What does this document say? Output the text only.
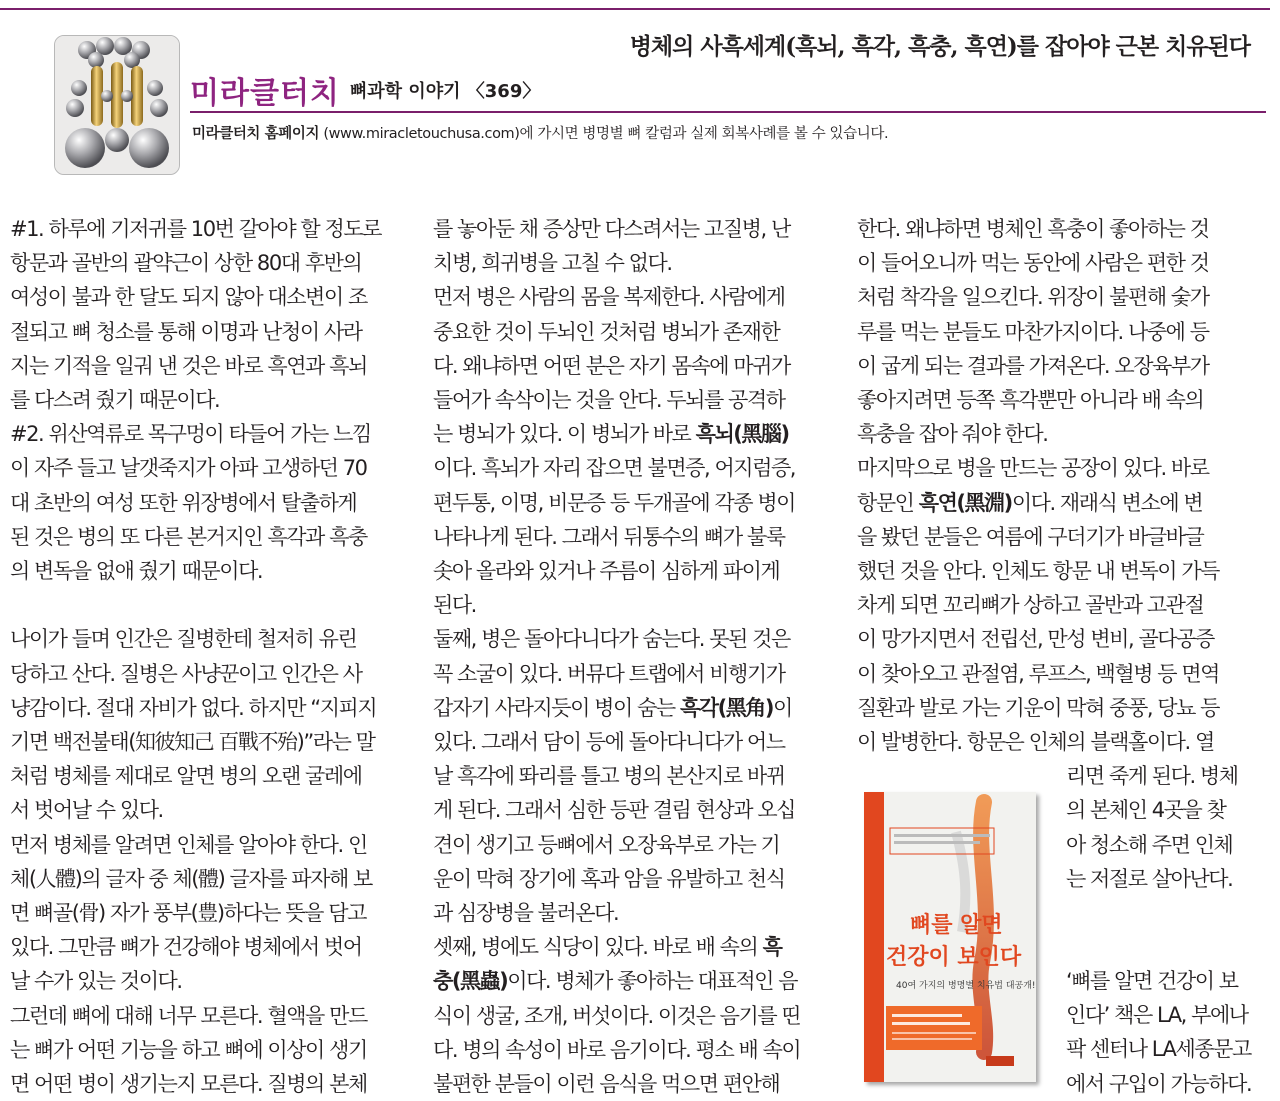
병체의 사흑세계(흑뇌, 흑각, 흑충, 흑연)를 잡아야 근본 치유된다
미라클터치 뼈과학 이야기 〈369〉
미라클터치 홈페이지 (www.miracletouchusa.com)에 가시면 병명별 뼈 칼럼과 실제 회복사례를 볼 수 있습니다.

#1. 하루에 기저귀를 10번 갈아야 할 정도로

항문과 골반의 괄약근이 상한 80대 후반의

여성이 불과 한 달도 되지 않아 대소변이 조

절되고 뼈 청소를 통해 이명과 난청이 사라

지는 기적을 일궈 낸 것은 바로 흑연과 흑뇌

를 다스려 줬기 때문이다.

#2. 위산역류로 목구멍이 타들어 가는 느낌

이 자주 들고 날갯죽지가 아파 고생하던 70

대 초반의 여성 또한 위장병에서 탈출하게

된 것은 병의 또 다른 본거지인 흑각과 흑충

의 변독을 없애 줬기 때문이다.

나이가 들며 인간은 질병한테 철저히 유린

당하고 산다. 질병은 사냥꾼이고 인간은 사

냥감이다. 절대 자비가 없다. 하지만 “지피지

기면 백전불태(知彼知己 百戰不殆)”라는 말

처럼 병체를 제대로 알면 병의 오랜 굴레에

서 벗어날 수 있다.

먼저 병체를 알려면 인체를 알아야 한다. 인

체(人體)의 글자 중 체(體) 글자를 파자해 보

면 뼈골(骨) 자가 풍부(豊)하다는 뜻을 담고

있다. 그만큼 뼈가 건강해야 병체에서 벗어

날 수가 있는 것이다.

그런데 뼈에 대해 너무 모른다. 혈액을 만드

는 뼈가 어떤 기능을 하고 뼈에 이상이 생기

면 어떤 병이 생기는지 모른다. 질병의 본체

를 놓아둔 채 증상만 다스려서는 고질병, 난

치병, 희귀병을 고칠 수 없다.

먼저 병은 사람의 몸을 복제한다. 사람에게

중요한 것이 두뇌인 것처럼 병뇌가 존재한

다. 왜냐하면 어떤 분은 자기 몸속에 마귀가

들어가 속삭이는 것을 안다. 두뇌를 공격하

는 병뇌가 있다. 이 병뇌가 바로 흑뇌(黑腦)

이다. 흑뇌가 자리 잡으면 불면증, 어지럼증,

편두통, 이명, 비문증 등 두개골에 각종 병이

나타나게 된다. 그래서 뒤통수의 뼈가 불룩

솟아 올라와 있거나 주름이 심하게 파이게

된다.

둘째, 병은 돌아다니다가 숨는다. 못된 것은

꼭 소굴이 있다. 버뮤다 트랩에서 비행기가

갑자기 사라지듯이 병이 숨는 흑각(黑角)이

있다. 그래서 담이 등에 돌아다니다가 어느

날 흑각에 똬리를 틀고 병의 본산지로 바뀌

게 된다. 그래서 심한 등판 결림 현상과 오십

견이 생기고 등뼈에서 오장육부로 가는 기

운이 막혀 장기에 혹과 암을 유발하고 천식

과 심장병을 불러온다.

셋째, 병에도 식당이 있다. 바로 배 속의 흑

충(黑蟲)이다. 병체가 좋아하는 대표적인 음

식이 생굴, 조개, 버섯이다. 이것은 음기를 띤

다. 병의 속성이 바로 음기이다. 평소 배 속이

불편한 분들이 이런 음식을 먹으면 편안해

한다. 왜냐하면 병체인 흑충이 좋아하는 것

이 들어오니까 먹는 동안에 사람은 편한 것

처럼 착각을 일으킨다. 위장이 불편해 숯가

루를 먹는 분들도 마찬가지이다. 나중에 등

이 굽게 되는 결과를 가져온다. 오장육부가

좋아지려면 등쪽 흑각뿐만 아니라 배 속의

흑충을 잡아 줘야 한다.

마지막으로 병을 만드는 공장이 있다. 바로

항문인 흑연(黑淵)이다. 재래식 변소에 변

을 봤던 분들은 여름에 구더기가 바글바글

했던 것을 안다. 인체도 항문 내 변독이 가득

차게 되면 꼬리뼈가 상하고 골반과 고관절

이 망가지면서 전립선, 만성 변비, 골다공증

이 찾아오고 관절염, 루프스, 백혈병 등 면역

질환과 발로 가는 기운이 막혀 중풍, 당뇨 등

이 발병한다. 항문은 인체의 블랙홀이다. 열

리면 죽게 된다. 병체

의 본체인 4곳을 찾

아 청소해 주면 인체

는 저절로 살아난다.

뼈를 알면
건강이 보인다
40여 가지의 병명별 치유법 대공개! ‘뼈를 알면 건강이 보
인다’ 책은 LA, 부에나
팍 센터나 LA세종문고
에서 구입이 가능하다.
